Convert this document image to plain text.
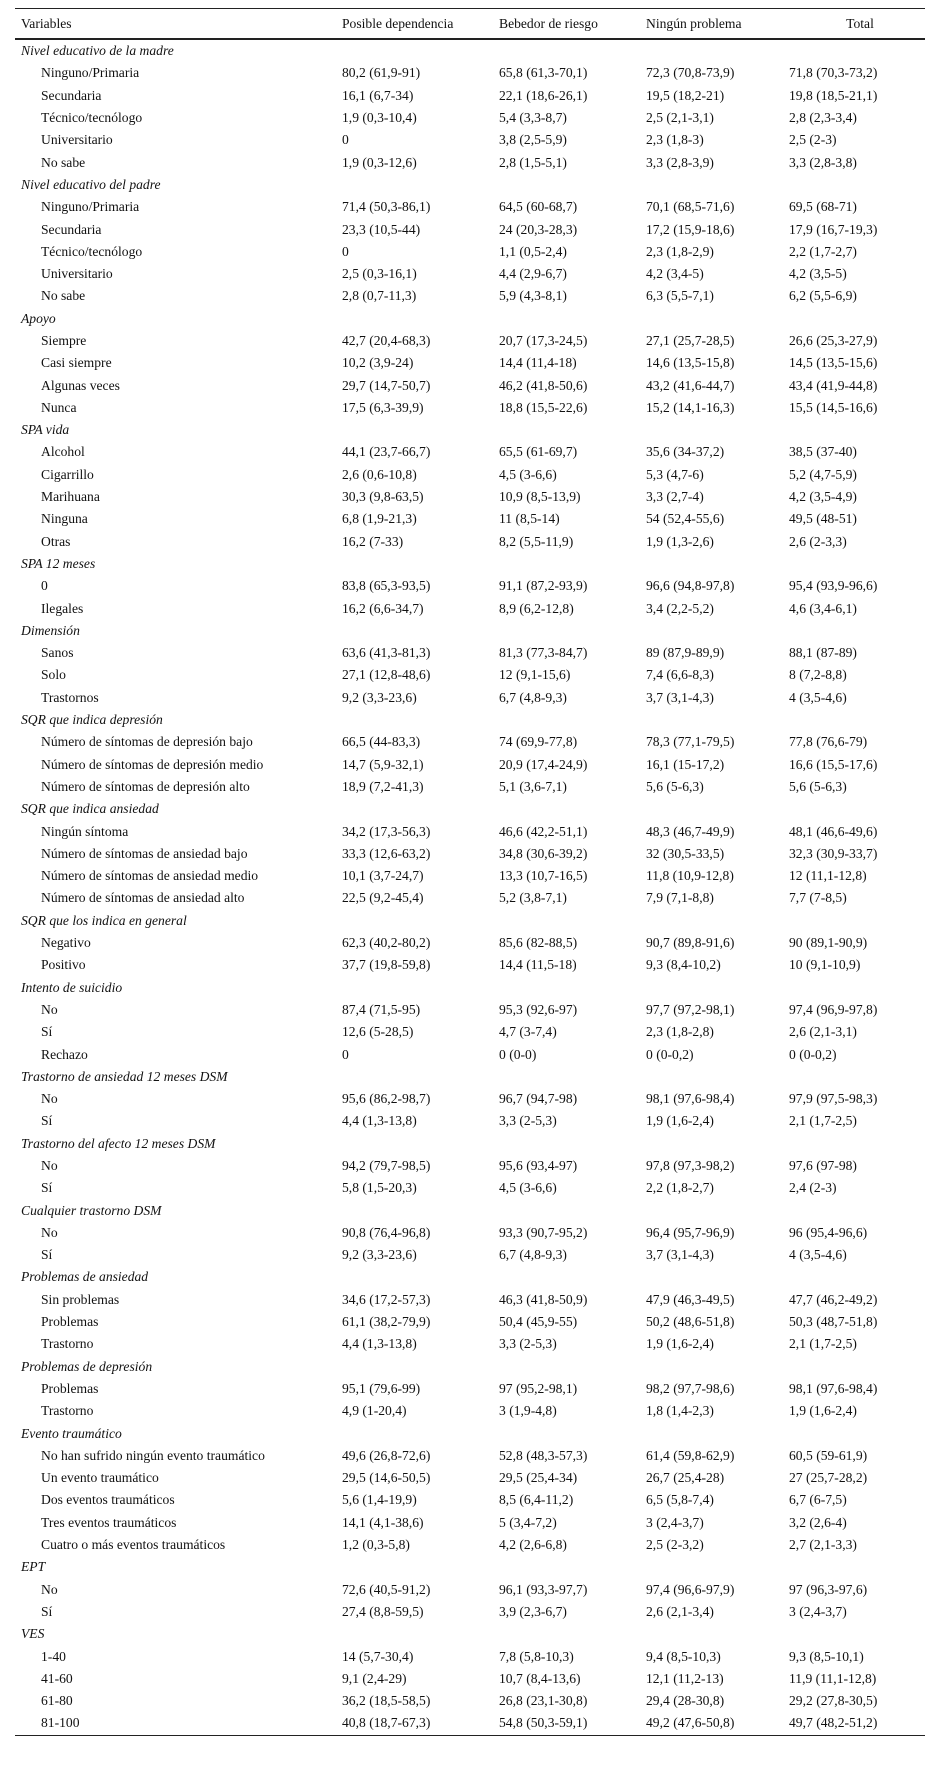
Variables	Posible dependencia	Bebedor de riesgo	Ningún problema	Total
Nivel educativo de la madre				
Ninguno/Primaria	80,2 (61,9-91)	65,8 (61,3-70,1)	72,3 (70,8-73,9)	71,8 (70,3-73,2)
Secundaria	16,1 (6,7-34)	22,1 (18,6-26,1)	19,5 (18,2-21)	19,8 (18,5-21,1)
Técnico/tecnólogo	1,9 (0,3-10,4)	5,4 (3,3-8,7)	2,5 (2,1-3,1)	2,8 (2,3-3,4)
Universitario	0	3,8 (2,5-5,9)	2,3 (1,8-3)	2,5 (2-3)
No sabe	1,9 (0,3-12,6)	2,8 (1,5-5,1)	3,3 (2,8-3,9)	3,3 (2,8-3,8)
Nivel educativo del padre				
Ninguno/Primaria	71,4 (50,3-86,1)	64,5 (60-68,7)	70,1 (68,5-71,6)	69,5 (68-71)
Secundaria	23,3 (10,5-44)	24 (20,3-28,3)	17,2 (15,9-18,6)	17,9 (16,7-19,3)
Técnico/tecnólogo	0	1,1 (0,5-2,4)	2,3 (1,8-2,9)	2,2 (1,7-2,7)
Universitario	2,5 (0,3-16,1)	4,4 (2,9-6,7)	4,2 (3,4-5)	4,2 (3,5-5)
No sabe	2,8 (0,7-11,3)	5,9 (4,3-8,1)	6,3 (5,5-7,1)	6,2 (5,5-6,9)
Apoyo				
Siempre	42,7 (20,4-68,3)	20,7 (17,3-24,5)	27,1 (25,7-28,5)	26,6 (25,3-27,9)
Casi siempre	10,2 (3,9-24)	14,4 (11,4-18)	14,6 (13,5-15,8)	14,5 (13,5-15,6)
Algunas veces	29,7 (14,7-50,7)	46,2 (41,8-50,6)	43,2 (41,6-44,7)	43,4 (41,9-44,8)
Nunca	17,5 (6,3-39,9)	18,8 (15,5-22,6)	15,2 (14,1-16,3)	15,5 (14,5-16,6)
SPA vida				
Alcohol	44,1 (23,7-66,7)	65,5 (61-69,7)	35,6 (34-37,2)	38,5 (37-40)
Cigarrillo	2,6 (0,6-10,8)	4,5 (3-6,6)	5,3 (4,7-6)	5,2 (4,7-5,9)
Marihuana	30,3 (9,8-63,5)	10,9 (8,5-13,9)	3,3 (2,7-4)	4,2 (3,5-4,9)
Ninguna	6,8 (1,9-21,3)	11 (8,5-14)	54 (52,4-55,6)	49,5 (48-51)
Otras	16,2 (7-33)	8,2 (5,5-11,9)	1,9 (1,3-2,6)	2,6 (2-3,3)
SPA 12 meses				
0	83,8 (65,3-93,5)	91,1 (87,2-93,9)	96,6 (94,8-97,8)	95,4 (93,9-96,6)
Ilegales	16,2 (6,6-34,7)	8,9 (6,2-12,8)	3,4 (2,2-5,2)	4,6 (3,4-6,1)
Dimensión				
Sanos	63,6 (41,3-81,3)	81,3 (77,3-84,7)	89 (87,9-89,9)	88,1 (87-89)
Solo	27,1 (12,8-48,6)	12 (9,1-15,6)	7,4 (6,6-8,3)	8 (7,2-8,8)
Trastornos	9,2 (3,3-23,6)	6,7 (4,8-9,3)	3,7 (3,1-4,3)	4 (3,5-4,6)
SQR que indica depresión				
Número de síntomas de depresión bajo	66,5 (44-83,3)	74 (69,9-77,8)	78,3 (77,1-79,5)	77,8 (76,6-79)
Número de síntomas de depresión medio	14,7 (5,9-32,1)	20,9 (17,4-24,9)	16,1 (15-17,2)	16,6 (15,5-17,6)
Número de síntomas de depresión alto	18,9 (7,2-41,3)	5,1 (3,6-7,1)	5,6 (5-6,3)	5,6 (5-6,3)
SQR que indica ansiedad				
Ningún síntoma	34,2 (17,3-56,3)	46,6 (42,2-51,1)	48,3 (46,7-49,9)	48,1 (46,6-49,6)
Número de síntomas de ansiedad bajo	33,3 (12,6-63,2)	34,8 (30,6-39,2)	32 (30,5-33,5)	32,3 (30,9-33,7)
Número de síntomas de ansiedad medio	10,1 (3,7-24,7)	13,3 (10,7-16,5)	11,8 (10,9-12,8)	12 (11,1-12,8)
Número de síntomas de ansiedad alto	22,5 (9,2-45,4)	5,2 (3,8-7,1)	7,9 (7,1-8,8)	7,7 (7-8,5)
SQR que los indica en general				
Negativo	62,3 (40,2-80,2)	85,6 (82-88,5)	90,7 (89,8-91,6)	90 (89,1-90,9)
Positivo	37,7 (19,8-59,8)	14,4 (11,5-18)	9,3 (8,4-10,2)	10 (9,1-10,9)
Intento de suicidio				
No	87,4 (71,5-95)	95,3 (92,6-97)	97,7 (97,2-98,1)	97,4 (96,9-97,8)
Sí	12,6 (5-28,5)	4,7 (3-7,4)	2,3 (1,8-2,8)	2,6 (2,1-3,1)
Rechazo	0	0 (0-0)	0 (0-0,2)	0 (0-0,2)
Trastorno de ansiedad 12 meses DSM				
No	95,6 (86,2-98,7)	96,7 (94,7-98)	98,1 (97,6-98,4)	97,9 (97,5-98,3)
Sí	4,4 (1,3-13,8)	3,3 (2-5,3)	1,9 (1,6-2,4)	2,1 (1,7-2,5)
Trastorno del afecto 12 meses DSM				
No	94,2 (79,7-98,5)	95,6 (93,4-97)	97,8 (97,3-98,2)	97,6 (97-98)
Sí	5,8 (1,5-20,3)	4,5 (3-6,6)	2,2 (1,8-2,7)	2,4 (2-3)
Cualquier trastorno DSM				
No	90,8 (76,4-96,8)	93,3 (90,7-95,2)	96,4 (95,7-96,9)	96 (95,4-96,6)
Sí	9,2 (3,3-23,6)	6,7 (4,8-9,3)	3,7 (3,1-4,3)	4 (3,5-4,6)
Problemas de ansiedad				
Sin problemas	34,6 (17,2-57,3)	46,3 (41,8-50,9)	47,9 (46,3-49,5)	47,7 (46,2-49,2)
Problemas	61,1 (38,2-79,9)	50,4 (45,9-55)	50,2 (48,6-51,8)	50,3 (48,7-51,8)
Trastorno	4,4 (1,3-13,8)	3,3 (2-5,3)	1,9 (1,6-2,4)	2,1 (1,7-2,5)
Problemas de depresión				
Problemas	95,1 (79,6-99)	97 (95,2-98,1)	98,2 (97,7-98,6)	98,1 (97,6-98,4)
Trastorno	4,9 (1-20,4)	3 (1,9-4,8)	1,8 (1,4-2,3)	1,9 (1,6-2,4)
Evento traumático				
No han sufrido ningún evento traumático	49,6 (26,8-72,6)	52,8 (48,3-57,3)	61,4 (59,8-62,9)	60,5 (59-61,9)
Un evento traumático	29,5 (14,6-50,5)	29,5 (25,4-34)	26,7 (25,4-28)	27 (25,7-28,2)
Dos eventos traumáticos	5,6 (1,4-19,9)	8,5 (6,4-11,2)	6,5 (5,8-7,4)	6,7 (6-7,5)
Tres eventos traumáticos	14,1 (4,1-38,6)	5 (3,4-7,2)	3 (2,4-3,7)	3,2 (2,6-4)
Cuatro o más eventos traumáticos	1,2 (0,3-5,8)	4,2 (2,6-6,8)	2,5 (2-3,2)	2,7 (2,1-3,3)
EPT				
No	72,6 (40,5-91,2)	96,1 (93,3-97,7)	97,4 (96,6-97,9)	97 (96,3-97,6)
Sí	27,4 (8,8-59,5)	3,9 (2,3-6,7)	2,6 (2,1-3,4)	3 (2,4-3,7)
VES				
1-40	14 (5,7-30,4)	7,8 (5,8-10,3)	9,4 (8,5-10,3)	9,3 (8,5-10,1)
41-60	9,1 (2,4-29)	10,7 (8,4-13,6)	12,1 (11,2-13)	11,9 (11,1-12,8)
61-80	36,2 (18,5-58,5)	26,8 (23,1-30,8)	29,4 (28-30,8)	29,2 (27,8-30,5)
81-100	40,8 (18,7-67,3)	54,8 (50,3-59,1)	49,2 (47,6-50,8)	49,7 (48,2-51,2)
